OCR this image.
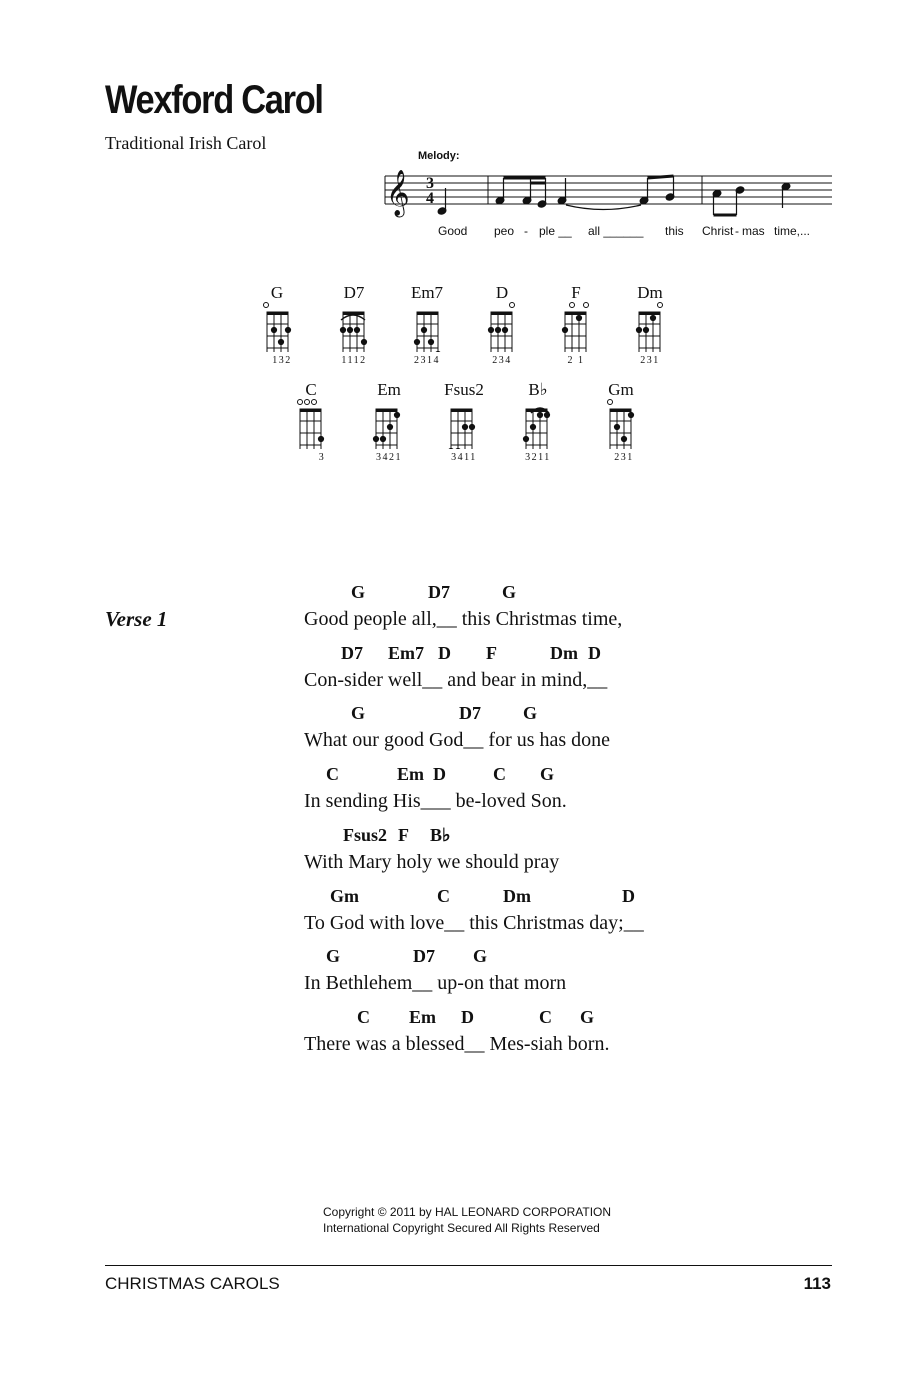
Wexford Carol
Traditional Irish Carol
Melody:
𝄞 3
4
Good peo - ple __ all ______ this Christ - mas time,...
G	D7	Em7	D	F	Dm
132	1112	2314	234	2 1	231
C	Em	Fsus2	B♭	Gm
3	3421	3411	3211	231
Verse 1
G	D7	G
Good people all,__ this Christmas time,
D7 Em7 D F	Dm D
Con-sider well__ and bear in mind,__
G	D7 G
What our good God__ for us has done
C	Em D	C G
In sending His___ be-loved Son.
Fsus2 F B♭
With Mary holy we should pray
Gm	C	Dm	D
To God with love__ this Christmas day;__
G	D7 G
In Bethlehem__ up-on that morn
C Em D	C G
There was a blessed__ Mes-siah born.
Copyright © 2011 by HAL LEONARD CORPORATION
International Copyright Secured All Rights Reserved
CHRISTMAS CAROLS	113
